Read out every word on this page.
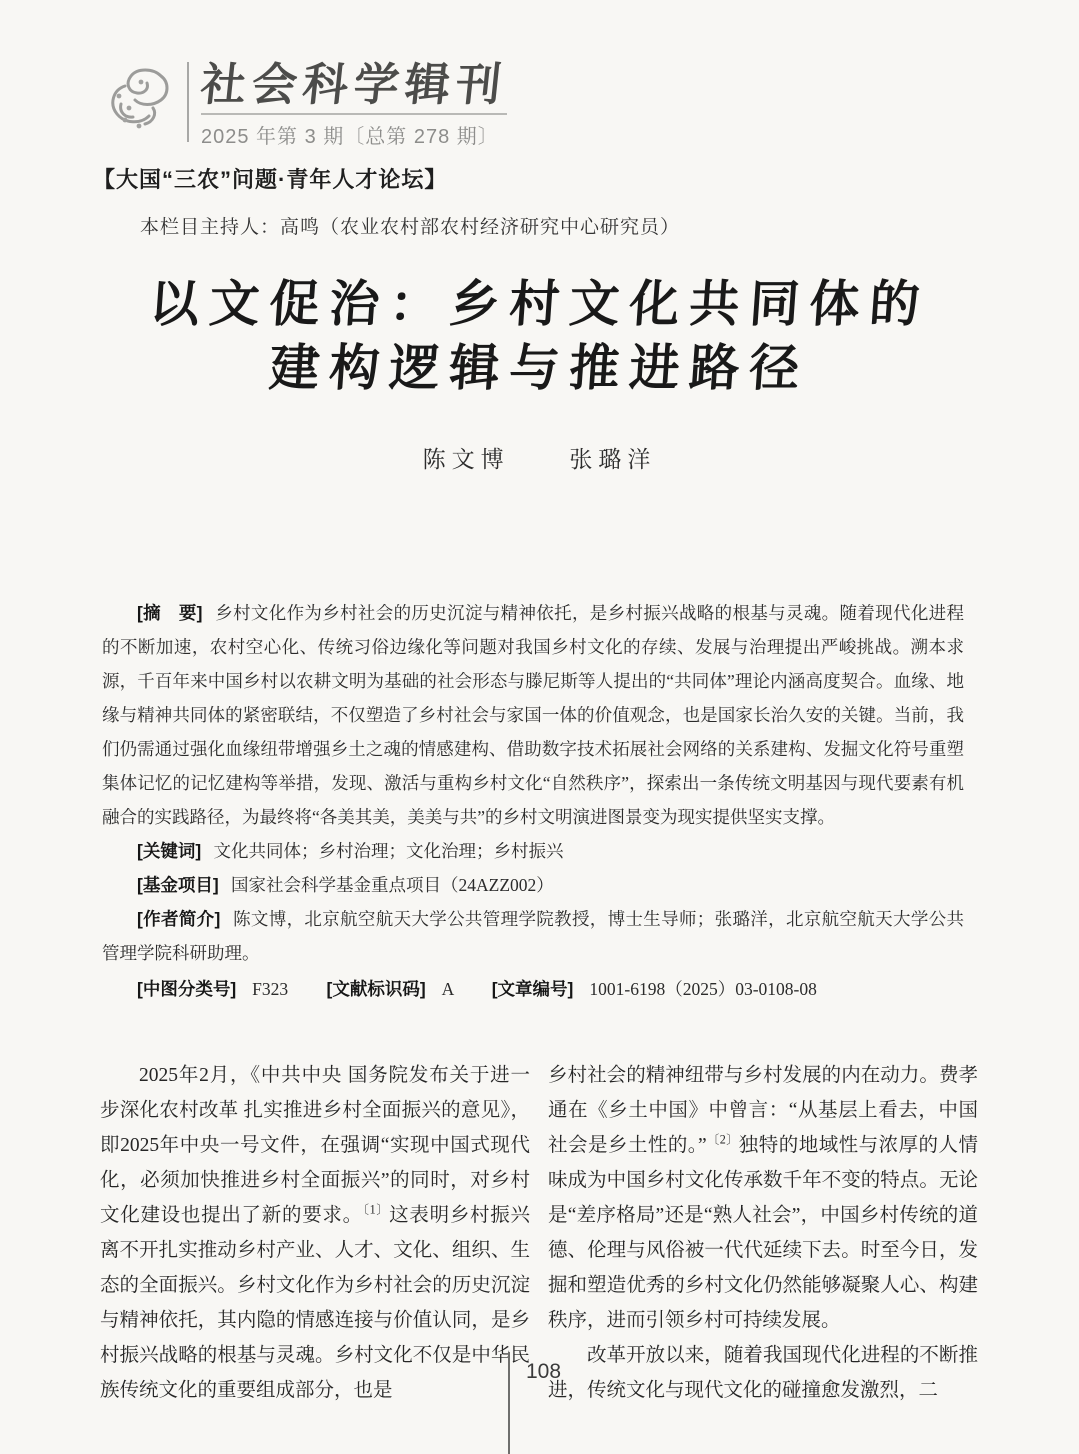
社会科学辑刊
2025 年第 3 期〔总第 278 期〕
【大国“三农”问题·青年人才论坛】
本栏目主持人：高鸣（农业农村部农村经济研究中心研究员）
以文促治：乡村文化共同体的
建构逻辑与推进路径
陈文博	张璐洋

[摘　要] 乡村文化作为乡村社会的历史沉淀与精神依托，是乡村振兴战略的根基与灵魂。随着现代化进程的不断加速，农村空心化、传统习俗边缘化等问题对我国乡村文化的存续、发展与治理提出严峻挑战。溯本求源，千百年来中国乡村以农耕文明为基础的社会形态与滕尼斯等人提出的“共同体”理论内涵高度契合。血缘、地缘与精神共同体的紧密联结，不仅塑造了乡村社会与家国一体的价值观念，也是国家长治久安的关键。当前，我们仍需通过强化血缘纽带增强乡土之魂的情感建构、借助数字技术拓展社会网络的关系建构、发掘文化符号重塑集体记忆的记忆建构等举措，发现、激活与重构乡村文化“自然秩序”，探索出一条传统文明基因与现代要素有机融合的实践路径，为最终将“各美其美，美美与共”的乡村文明演进图景变为现实提供坚实支撑。

[关键词] 文化共同体；乡村治理；文化治理；乡村振兴

[基金项目] 国家社会科学基金重点项目（24AZZ002）

[作者简介] 陈文博，北京航空航天大学公共管理学院教授，博士生导师；张璐洋，北京航空航天大学公共管理学院科研助理。

[中图分类号] F323 [文献标识码] A [文章编号] 1001-6198（2025）03-0108-08

2025年2月，《中共中央 国务院发布关于进一步深化农村改革 扎实推进乡村全面振兴的意见》，即2025年中央一号文件，在强调“实现中国式现代化，必须加快推进乡村全面振兴”的同时，对乡村文化建设也提出了新的要求。$^{〔1〕}$这表明乡村振兴离不开扎实推动乡村产业、人才、文化、组织、生态的全面振兴。乡村文化作为乡村社会的历史沉淀与精神依托，其内隐的情感连接与价值认同，是乡村振兴战略的根基与灵魂。乡村文化不仅是中华民族传统文化的重要组成部分，也是

乡村社会的精神纽带与乡村发展的内在动力。费孝通在《乡土中国》中曾言：“从基层上看去，中国社会是乡土性的。”$^{〔2〕}$独特的地域性与浓厚的人情味成为中国乡村文化传承数千年不变的特点。无论是“差序格局”还是“熟人社会”，中国乡村传统的道德、伦理与风俗被一代代延续下去。时至今日，发掘和塑造优秀的乡村文化仍然能够凝聚人心、构建秩序，进而引领乡村可持续发展。

改革开放以来，随着我国现代化进程的不断推进，传统文化与现代文化的碰撞愈发激烈，二

108
